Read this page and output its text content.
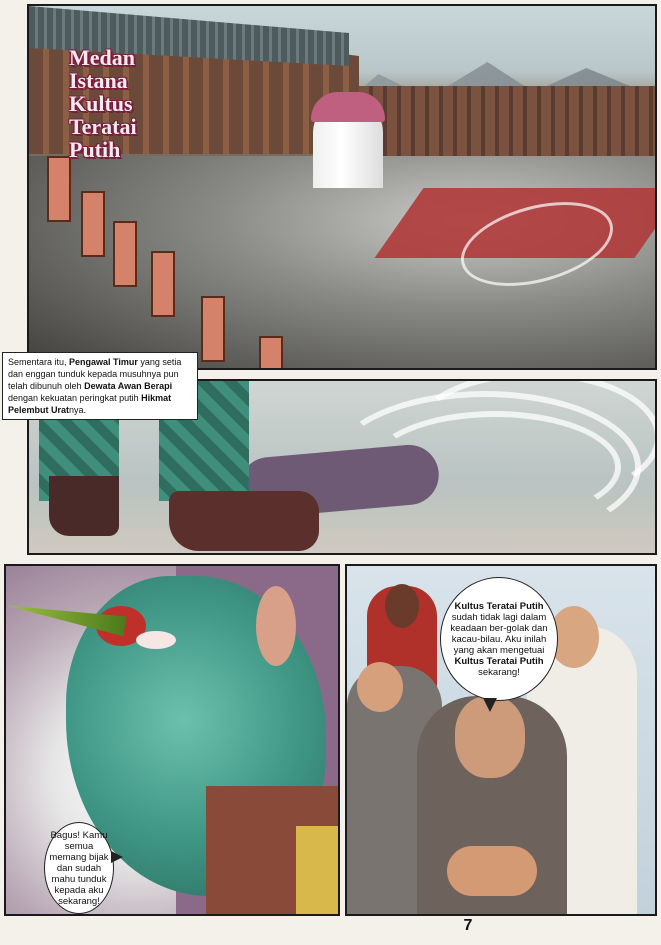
Medan
Istana
Kultus
Teratai
Putih
Sementara itu, Pengawal Timur yang setia dan enggan tunduk kepada musuhnya pun telah dibunuh oleh Dewata Awan Berapi dengan kekuatan peringkat putih Hikmat Pelembut Uratnya.
Kultus Teratai Putih sudah tidak lagi dalam keadaan ber-golak dan kacau-bilau. Aku inilah yang akan mengetuai Kultus Teratai Putih sekarang!
Bagus! Kamu semua memang bijak dan sudah mahu tunduk kepada aku sekarang!
7
